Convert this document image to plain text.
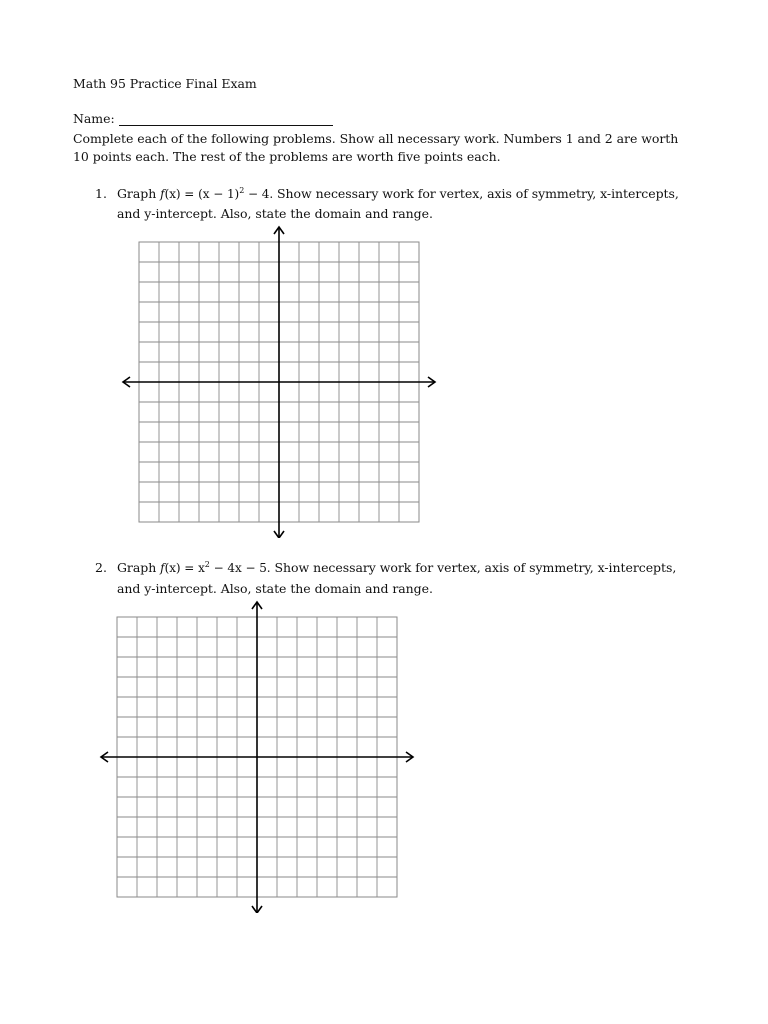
Math 95 Practice Final Exam
Name:
Complete each of the following problems. Show all necessary work. Numbers 1 and 2 are worth
10 points each. The rest of the problems are worth five points each.
1. Graph $f(x) = (x - 1)^2 - 4$. Show necessary work for vertex, axis of symmetry, x-intercepts,
and y-intercept. Also, state the domain and range.
2. Graph $f(x) = x^2 - 4x - 5$. Show necessary work for vertex, axis of symmetry, x-intercepts,
and y-intercept. Also, state the domain and range.
